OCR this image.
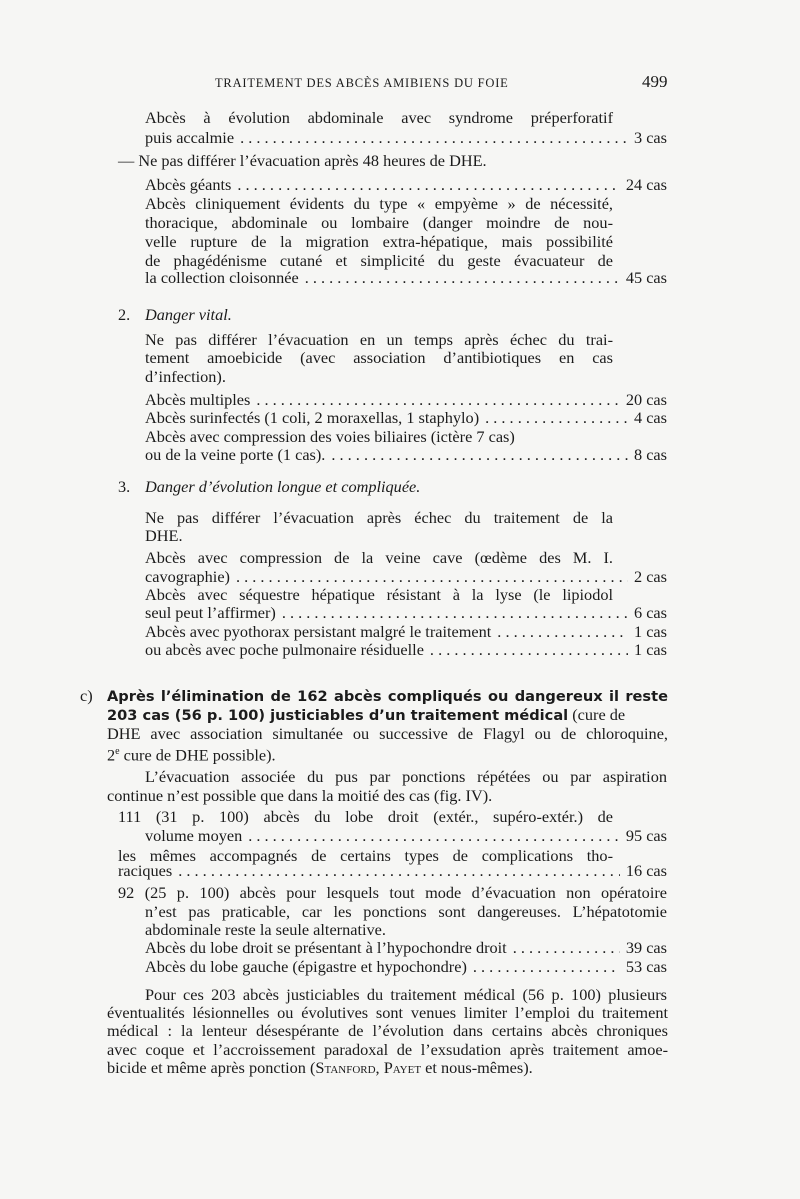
TRAITEMENT DES ABCÈS AMIBIENS DU FOIE	499
Abcès à évolution abdominale avec syndrome préperforatif
puis accalmie . . .	3 cas
— Ne pas différer l’évacuation après 48 heures de DHE.
Abcès géants . . .	24 cas
Abcès cliniquement évidents du type « empyème » de nécessité,
thoracique, abdominale ou lombaire (danger moindre de nou-
velle rupture de la migration extra-hépatique, mais possibilité
de phagédénisme cutané et simplicité du geste évacuateur de
la collection cloisonnée . . .	45 cas
2. Danger vital.
Ne pas différer l’évacuation en un temps après échec du trai-
tement amoebicide (avec association d’antibiotiques en cas
d’infection).
Abcès multiples . . .	20 cas
Abcès surinfectés (1 coli, 2 moraxellas, 1 staphylo) . . .	4 cas
Abcès avec compression des voies biliaires (ictère 7 cas)
ou de la veine porte (1 cas). . . .	8 cas
3. Danger d’évolution longue et compliquée.
Ne pas différer l’évacuation après échec du traitement de la
DHE.
Abcès avec compression de la veine cave (œdème des M. I.
cavographie) . . .	2 cas
Abcès avec séquestre hépatique résistant à la lyse (le lipiodol
seul peut l’affirmer) . . .	6 cas
Abcès avec pyothorax persistant malgré le traitement . . .	1 cas
ou abcès avec poche pulmonaire résiduelle . . .	1 cas
c) Après l’élimination de 162 abcès compliqués ou dangereux il reste
203 cas (56 p. 100) justiciables d’un traitement médical (cure de
DHE avec association simultanée ou successive de Flagyl ou de chloroquine,
2e cure de DHE possible).
L’évacuation associée du pus par ponctions répétées ou par aspiration
continue n’est possible que dans la moitié des cas (fig. IV).
111 (31 p. 100) abcès du lobe droit (extér., supéro-extér.) de
volume moyen . . .	95 cas
les mêmes accompagnés de certains types de complications tho-
raciques . . .	16 cas
92 (25 p. 100) abcès pour lesquels tout mode d’évacuation non opératoire
n’est pas praticable, car les ponctions sont dangereuses. L’hépatotomie
abdominale reste la seule alternative.
Abcès du lobe droit se présentant à l’hypochondre droit . . .	39 cas
Abcès du lobe gauche (épigastre et hypochondre) . . .	53 cas
Pour ces 203 abcès justiciables du traitement médical (56 p. 100) plusieurs
éventualités lésionnelles ou évolutives sont venues limiter l’emploi du traitement
médical : la lenteur désespérante de l’évolution dans certains abcès chroniques
avec coque et l’accroissement paradoxal de l’exsudation après traitement amoe-
bicide et même après ponction (Stanford, Payet et nous-mêmes).
